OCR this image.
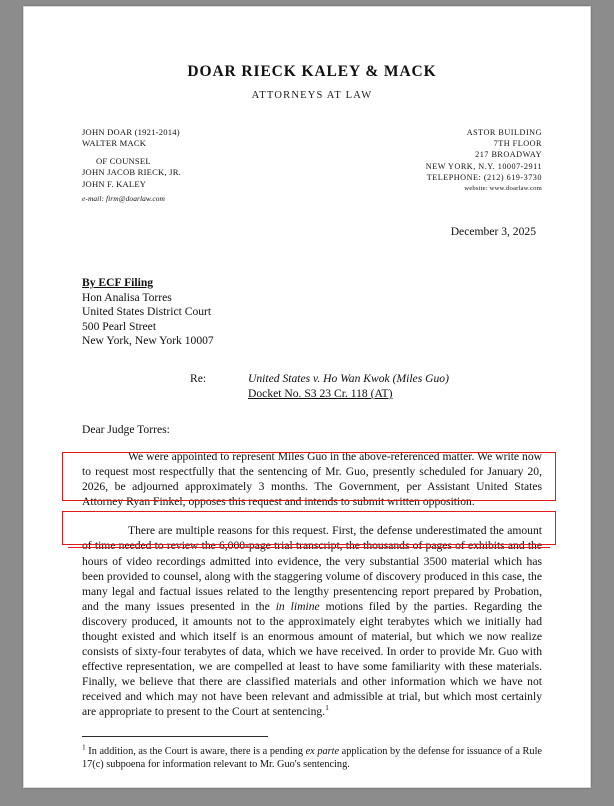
DOAR RIECK KALEY & MACK
ATTORNEYS AT LAW
JOHN DOAR (1921-2014)
WALTER MACK
OF COUNSEL
JOHN JACOB RIECK, JR.
JOHN F. KALEY
e-mail: firm@doarlaw.com
ASTOR BUILDING
7TH FLOOR
217 BROADWAY
NEW YORK, N.Y. 10007-2911
TELEPHONE: (212) 619-3730
website: www.doarlaw.com
December 3, 2025
By ECF Filing
Hon Analisa Torres
United States District Court
500 Pearl Street
New York, New York 10007
Re:	United States v. Ho Wan Kwok (Miles Guo)
Docket No. S3 23 Cr. 118 (AT)
Dear Judge Torres:

We were appointed to represent Miles Guo in the above-referenced matter. We write now to request most respectfully that the sentencing of Mr. Guo, presently scheduled for January 20, 2026, be adjourned approximately 3 months. The Government, per Assistant United States Attorney Ryan Finkel, opposes this request and intends to submit written opposition.

There are multiple reasons for this request. First, the defense underestimated the amount of time needed to review the 6,000-page trial transcript, the thousands of pages of exhibits and the hours of video recordings admitted into evidence, the very substantial 3500 material which has been provided to counsel, along with the staggering volume of discovery produced in this case, the many legal and factual issues related to the lengthy presentencing report prepared by Probation, and the many issues presented in the in limine motions filed by the parties. Regarding the discovery produced, it amounts not to the approximately eight terabytes which we initially had thought existed and which itself is an enormous amount of material, but which we now realize consists of sixty-four terabytes of data, which we have received. In order to provide Mr. Guo with effective representation, we are compelled at least to have some familiarity with these materials. Finally, we believe that there are classified materials and other information which we have not received and which may not have been relevant and admissible at trial, but which most certainly are appropriate to present to the Court at sentencing.$^1$

$^1$ In addition, as the Court is aware, there is a pending ex parte application by the defense for issuance of a Rule 17(c) subpoena for information relevant to Mr. Guo's sentencing.
